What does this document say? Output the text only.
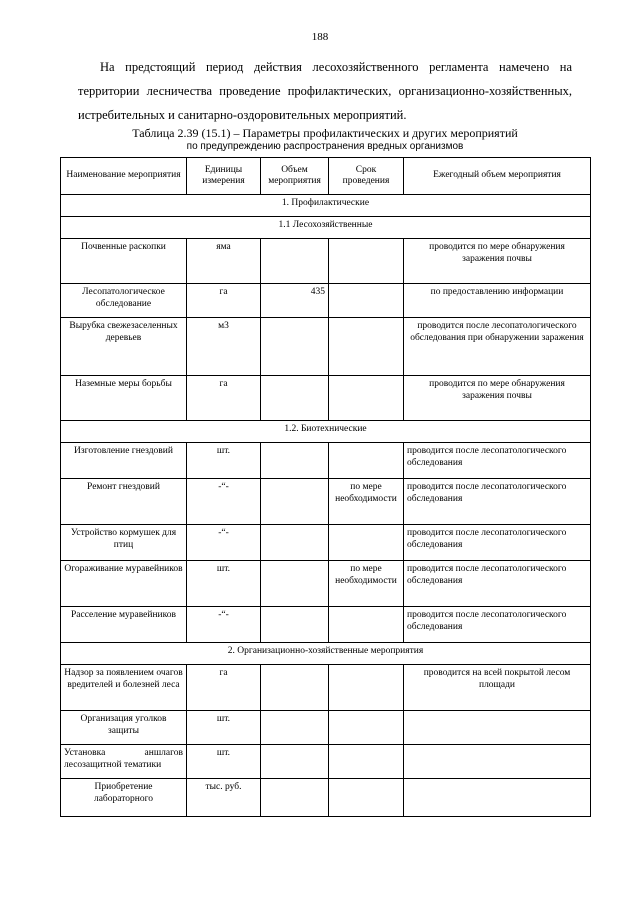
188

На предстоящий период действия лесохозяйственного регламента намечено на территории лесничества проведение профилактических, организационно-хозяйственных, истребительных и санитарно-оздоровительных мероприятий.

Таблица 2.39 (15.1) – Параметры профилактических и других мероприятий
по предупреждению распространения вредных организмов
Наименование мероприятия	Единицы измерения	Объем мероприятия	Срок проведения	Ежегодный объем мероприятия
1. Профилактические				
1.1 Лесохозяйственные				
Почвенные раскопки	яма			проводится по мере обнаружения заражения почвы
Лесопатологическое обследование	га	435		по предоставлению информации
Вырубка свежезаселенных деревьев	м3			проводится после лесопатологического обследования при обнаружении заражения
Наземные меры борьбы	га			проводится по мере обнаружения заражения почвы
1.2. Биотехнические				
Изготовление гнездовий	шт.			проводится после лесопатологического обследования
Ремонт гнездовий	-“-		по мере необходимости	проводится после лесопатологического обследования
Устройство кормушек для птиц	-“-			проводится после лесопатологического обследования
Огораживание муравейников	шт.		по мере необходимости	проводится после лесопатологического обследования
Расселение муравейников	-“-			проводится после лесопатологического обследования
2. Организационно-хозяйственные мероприятия				
Надзор за появлением очагов вредителей и болезней леса	га			проводится на всей покрытой лесом площади
Организация уголков защиты	шт.			
Установка аншлагов лесозащитной тематики	шт.			
Приобретение лабораторного	тыс. руб.			
